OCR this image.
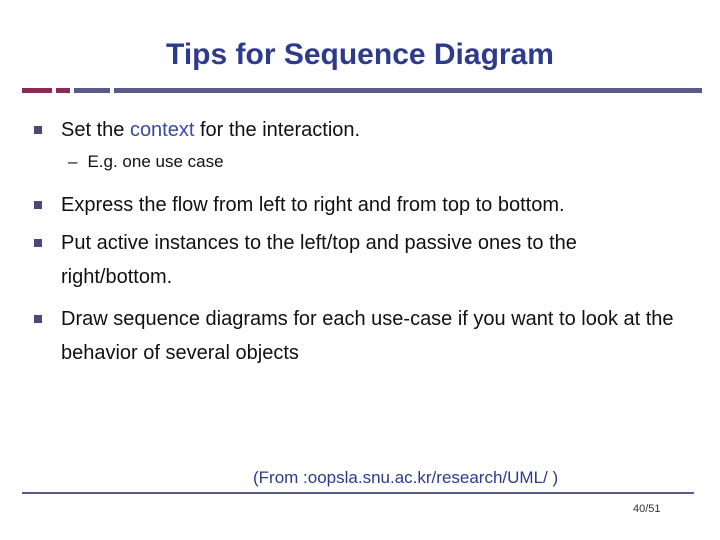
Tips for Sequence Diagram
Set the context for the interaction.
– E.g. one use case
Express the flow from left to right and from top to bottom.
Put active instances to the left/top and passive ones to the right/bottom.
Draw sequence diagrams for each use-case if you want to look at the behavior of several objects
(From :oopsla.snu.ac.kr/research/UML/ )
40/51
